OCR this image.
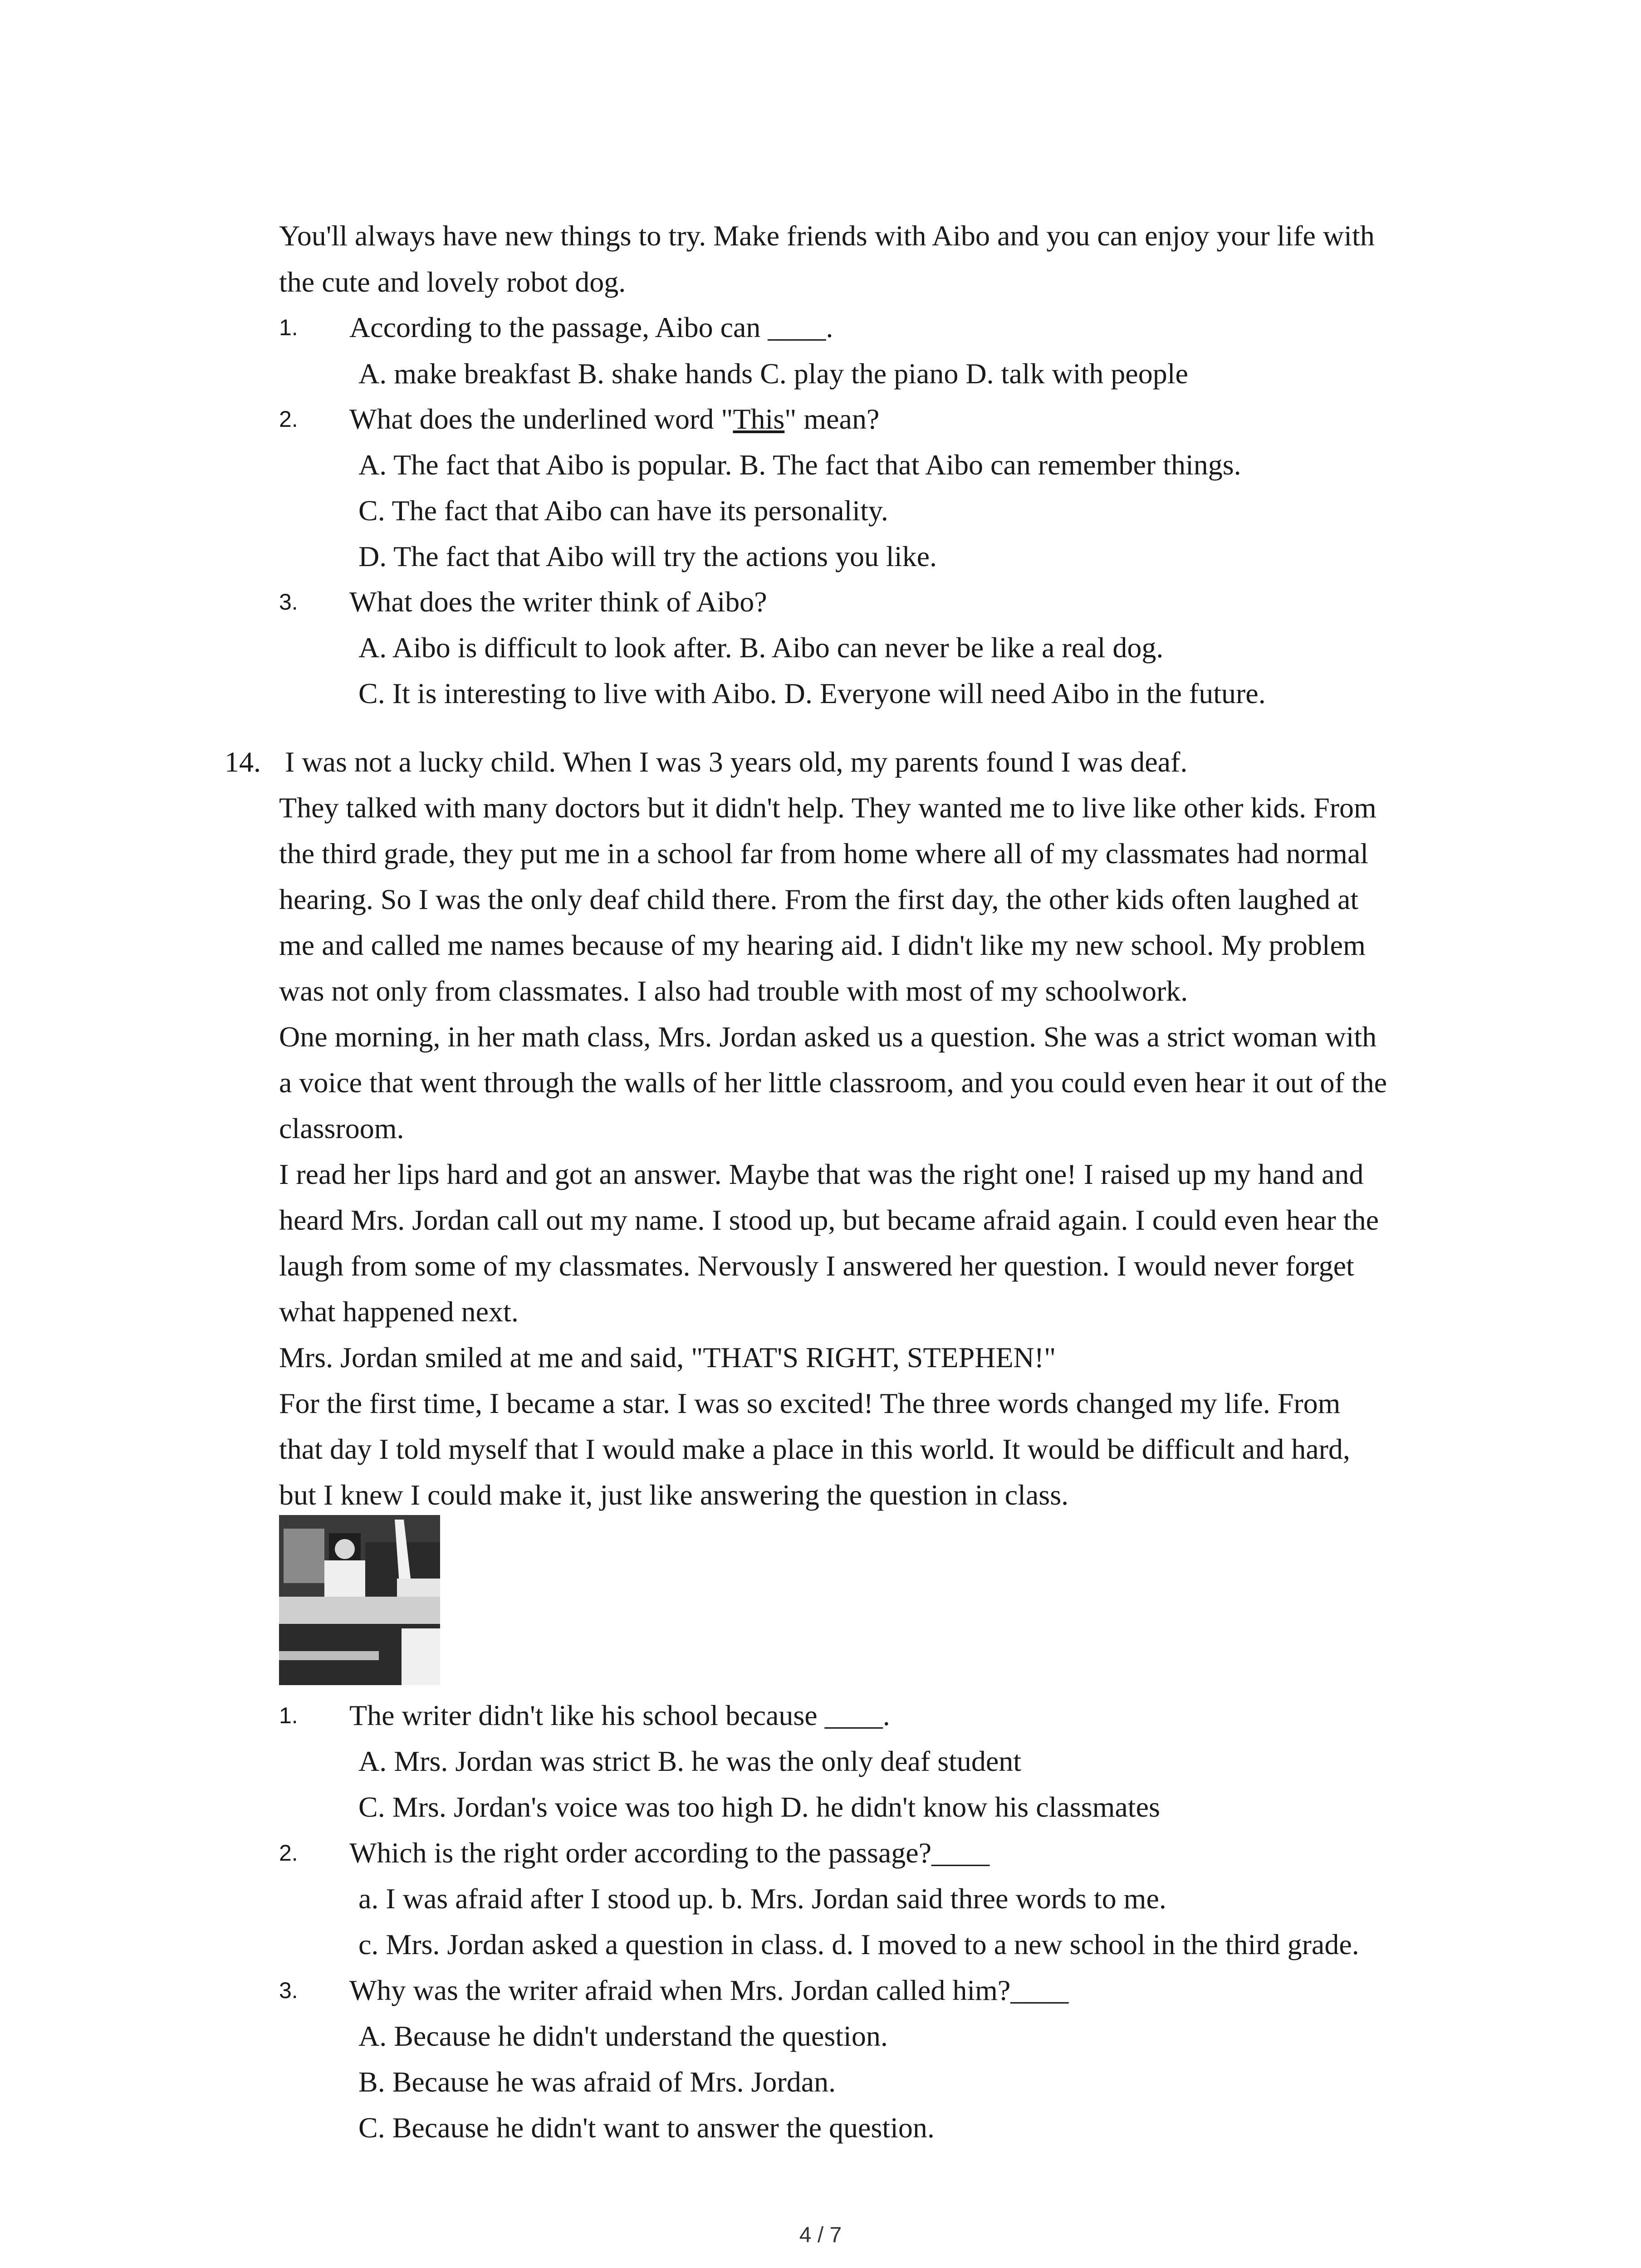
You'll always have new things to try. Make friends with Aibo and you can enjoy your life with
the cute and lovely robot dog.
1. According to the passage, Aibo can ____.
A. make breakfast B. shake hands C. play the piano D. talk with people
2. What does the underlined word "This" mean?
A. The fact that Aibo is popular. B. The fact that Aibo can remember things.
C. The fact that Aibo can have its personality.
D. The fact that Aibo will try the actions you like.
3. What does the writer think of Aibo?
A. Aibo is difficult to look after. B. Aibo can never be like a real dog.
C. It is interesting to live with Aibo. D. Everyone will need Aibo in the future.
14. I was not a lucky child. When I was 3 years old, my parents found I was deaf.
They talked with many doctors but it didn't help. They wanted me to live like other kids. From
the third grade, they put me in a school far from home where all of my classmates had normal
hearing. So I was the only deaf child there. From the first day, the other kids often laughed at
me and called me names because of my hearing aid. I didn't like my new school. My problem
was not only from classmates. I also had trouble with most of my schoolwork.
One morning, in her math class, Mrs. Jordan asked us a question. She was a strict woman with
a voice that went through the walls of her little classroom, and you could even hear it out of the
classroom.
I read her lips hard and got an answer. Maybe that was the right one! I raised up my hand and
heard Mrs. Jordan call out my name. I stood up, but became afraid again. I could even hear the
laugh from some of my classmates. Nervously I answered her question. I would never forget
what happened next.
Mrs. Jordan smiled at me and said, "THAT'S RIGHT, STEPHEN!"
For the first time, I became a star. I was so excited! The three words changed my life. From
that day I told myself that I would make a place in this world. It would be difficult and hard,
but I knew I could make it, just like answering the question in class.
1. The writer didn't like his school because ____.
A. Mrs. Jordan was strict B. he was the only deaf student
C. Mrs. Jordan's voice was too high D. he didn't know his classmates
2. Which is the right order according to the passage?____
a. I was afraid after I stood up. b. Mrs. Jordan said three words to me.
c. Mrs. Jordan asked a question in class. d. I moved to a new school in the third grade.
3. Why was the writer afraid when Mrs. Jordan called him?____
A. Because he didn't understand the question.
B. Because he was afraid of Mrs. Jordan.
C. Because he didn't want to answer the question.
4 / 7
